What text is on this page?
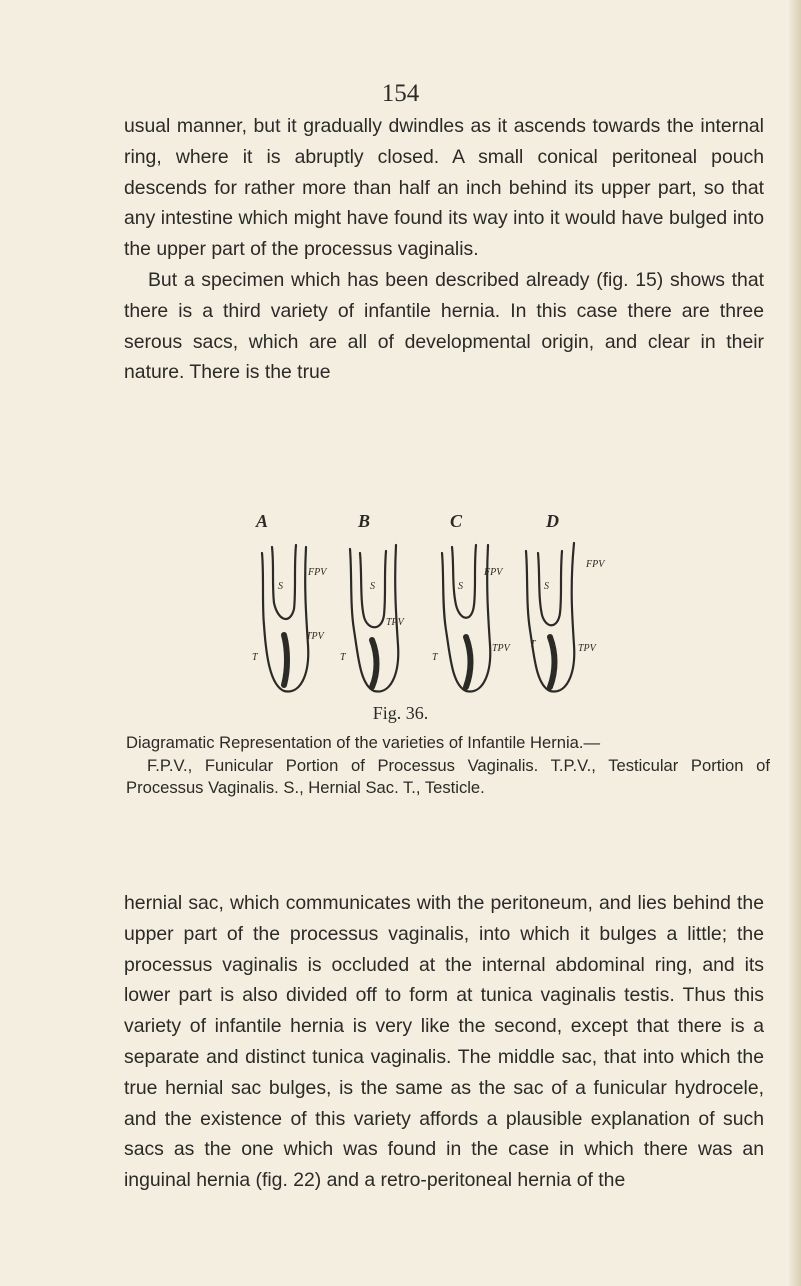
154

usual manner, but it gradually dwindles as it ascends towards the internal ring, where it is abruptly closed. A small conical peritoneal pouch descends for rather more than half an inch behind its upper part, so that any intestine which might have found its way into it would have bulged into the upper part of the processus vaginalis.

But a specimen which has been described already (fig. 15) shows that there is a third variety of infantile hernia. In this case there are three serous sacs, which are all of developmental origin, and clear in their nature. There is the true

A	B	C	D
S
T
FPV
TPV
S
T
TPV
S
T
FPV
TPV
S
T
FPV
TPV
Fig. 36.

Diagramatic Representation of the varieties of Infantile Hernia.—
F.P.V., Funicular Portion of Processus Vaginalis. T.P.V., Testicular Portion of Processus Vaginalis. S., Hernial Sac. T., Testicle.

hernial sac, which communicates with the peritoneum, and lies behind the upper part of the processus vaginalis, into which it bulges a little; the processus vaginalis is occluded at the internal abdominal ring, and its lower part is also divided off to form at tunica vaginalis testis. Thus this variety of infantile hernia is very like the second, except that there is a separate and distinct tunica vaginalis. The middle sac, that into which the true hernial sac bulges, is the same as the sac of a funicular hydrocele, and the existence of this variety affords a plausible explanation of such sacs as the one which was found in the case in which there was an inguinal hernia (fig. 22) and a retro-peritoneal hernia of the
